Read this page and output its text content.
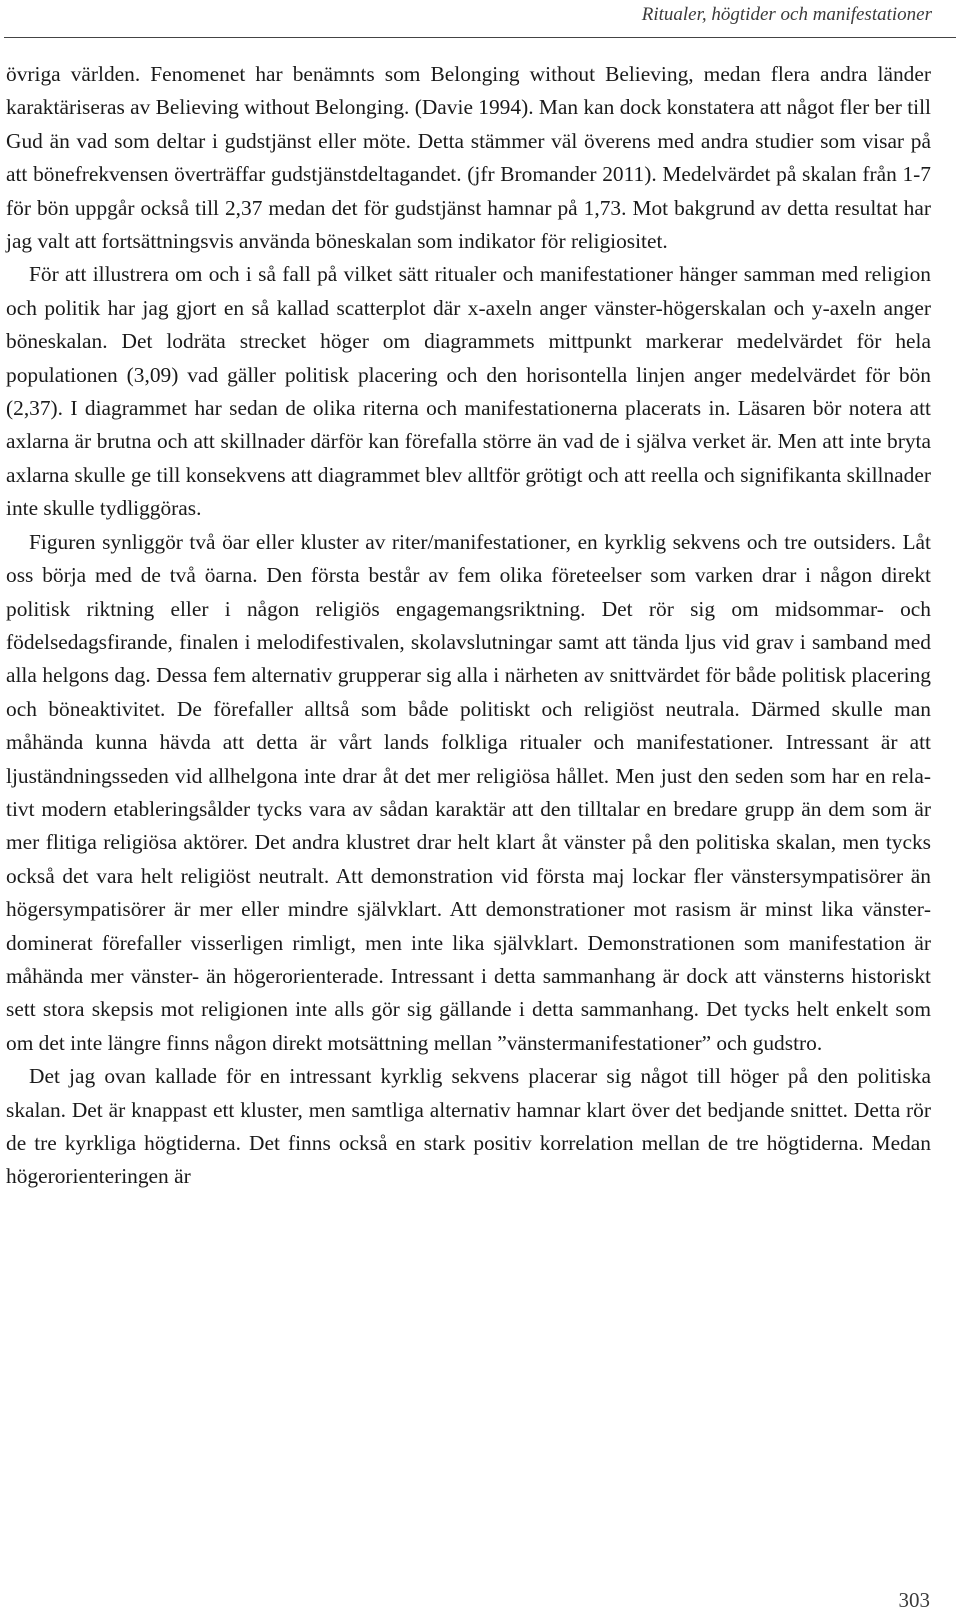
Ritualer, högtider och manifestationer

övriga världen. Fenomenet har benämnts som Belonging without Believing, medan flera andra länder karaktäriseras av Believing without Belonging. (Davie 1994). Man kan dock konstatera att något fler ber till Gud än vad som deltar i gudstjänst eller möte. Detta stämmer väl överens med andra studier som visar på att bönefrekvensen överträffar gudstjänstdeltagandet. (jfr Bromander 2011). Medelvärdet på skalan från 1-7 för bön uppgår också till 2,37 medan det för gudstjänst hamnar på 1,73. Mot bakgrund av detta resultat har jag valt att fortsättningsvis använda böneskalan som indikator för religiositet.

För att illustrera om och i så fall på vilket sätt ritualer och manifestationer hänger samman med religion och politik har jag gjort en så kallad scatterplot där x-axeln anger vänster-högerskalan och y-axeln anger böneskalan. Det lodräta strecket höger om diagrammets mittpunkt markerar medelvärdet för hela populationen (3,09) vad gäller politisk placering och den horisontella linjen anger medelvärdet för bön (2,37). I diagrammet har sedan de olika riterna och manifestationerna placerats in. Läsaren bör notera att axlarna är brutna och att skillnader därför kan förefalla större än vad de i själva verket är. Men att inte bryta axlarna skulle ge till konsekvens att diagrammet blev alltför grötigt och att reella och signifikanta skillnader inte skulle tydliggöras.

Figuren synliggör två öar eller kluster av riter/manifestationer, en kyrklig sekvens och tre outsiders. Låt oss börja med de två öarna. Den första består av fem olika företeelser som varken drar i någon direkt politisk riktning eller i någon religiös engagemangsriktning. Det rör sig om midsommar- och födelsedagsfirande, finalen i melodifestivalen, skolavslutningar samt att tända ljus vid grav i samband med alla helgons dag. Dessa fem alternativ grupperar sig alla i närheten av snittvärdet för både politisk placering och böneaktivitet. De förefaller alltså som både politiskt och religiöst neutrala. Därmed skulle man måhända kunna hävda att detta är vårt lands folkliga ritualer och manifestationer. Intressant är att ljuständningsseden vid allhelgona inte drar åt det mer religiösa hållet. Men just den seden som har en relativt modern etableringsålder tycks vara av sådan karaktär att den tilltalar en bredare grupp än dem som är mer flitiga religiösa aktörer. Det andra klustret drar helt klart åt vänster på den politiska skalan, men tycks också det vara helt religiöst neutralt. Att demonstration vid första maj lockar fler vänstersympatisörer än högersympatisörer är mer eller mindre självklart. Att demonstrationer mot rasism är minst lika vänsterdominerat förefaller visserligen rimligt, men inte lika självklart. Demonstrationen som manifestation är måhända mer vänster- än högerorienterade. Intressant i detta sammanhang är dock att vänsterns historiskt sett stora skepsis mot religionen inte alls gör sig gällande i detta sammanhang. Det tycks helt enkelt som om det inte längre finns någon direkt motsättning mellan ”vänstermanifestationer” och gudstro.

Det jag ovan kallade för en intressant kyrklig sekvens placerar sig något till höger på den politiska skalan. Det är knappast ett kluster, men samtliga alternativ hamnar klart över det bedjande snittet. Detta rör de tre kyrkliga högtiderna. Det finns också en stark positiv korrelation mellan de tre högtiderna. Medan högerorienteringen är

303
